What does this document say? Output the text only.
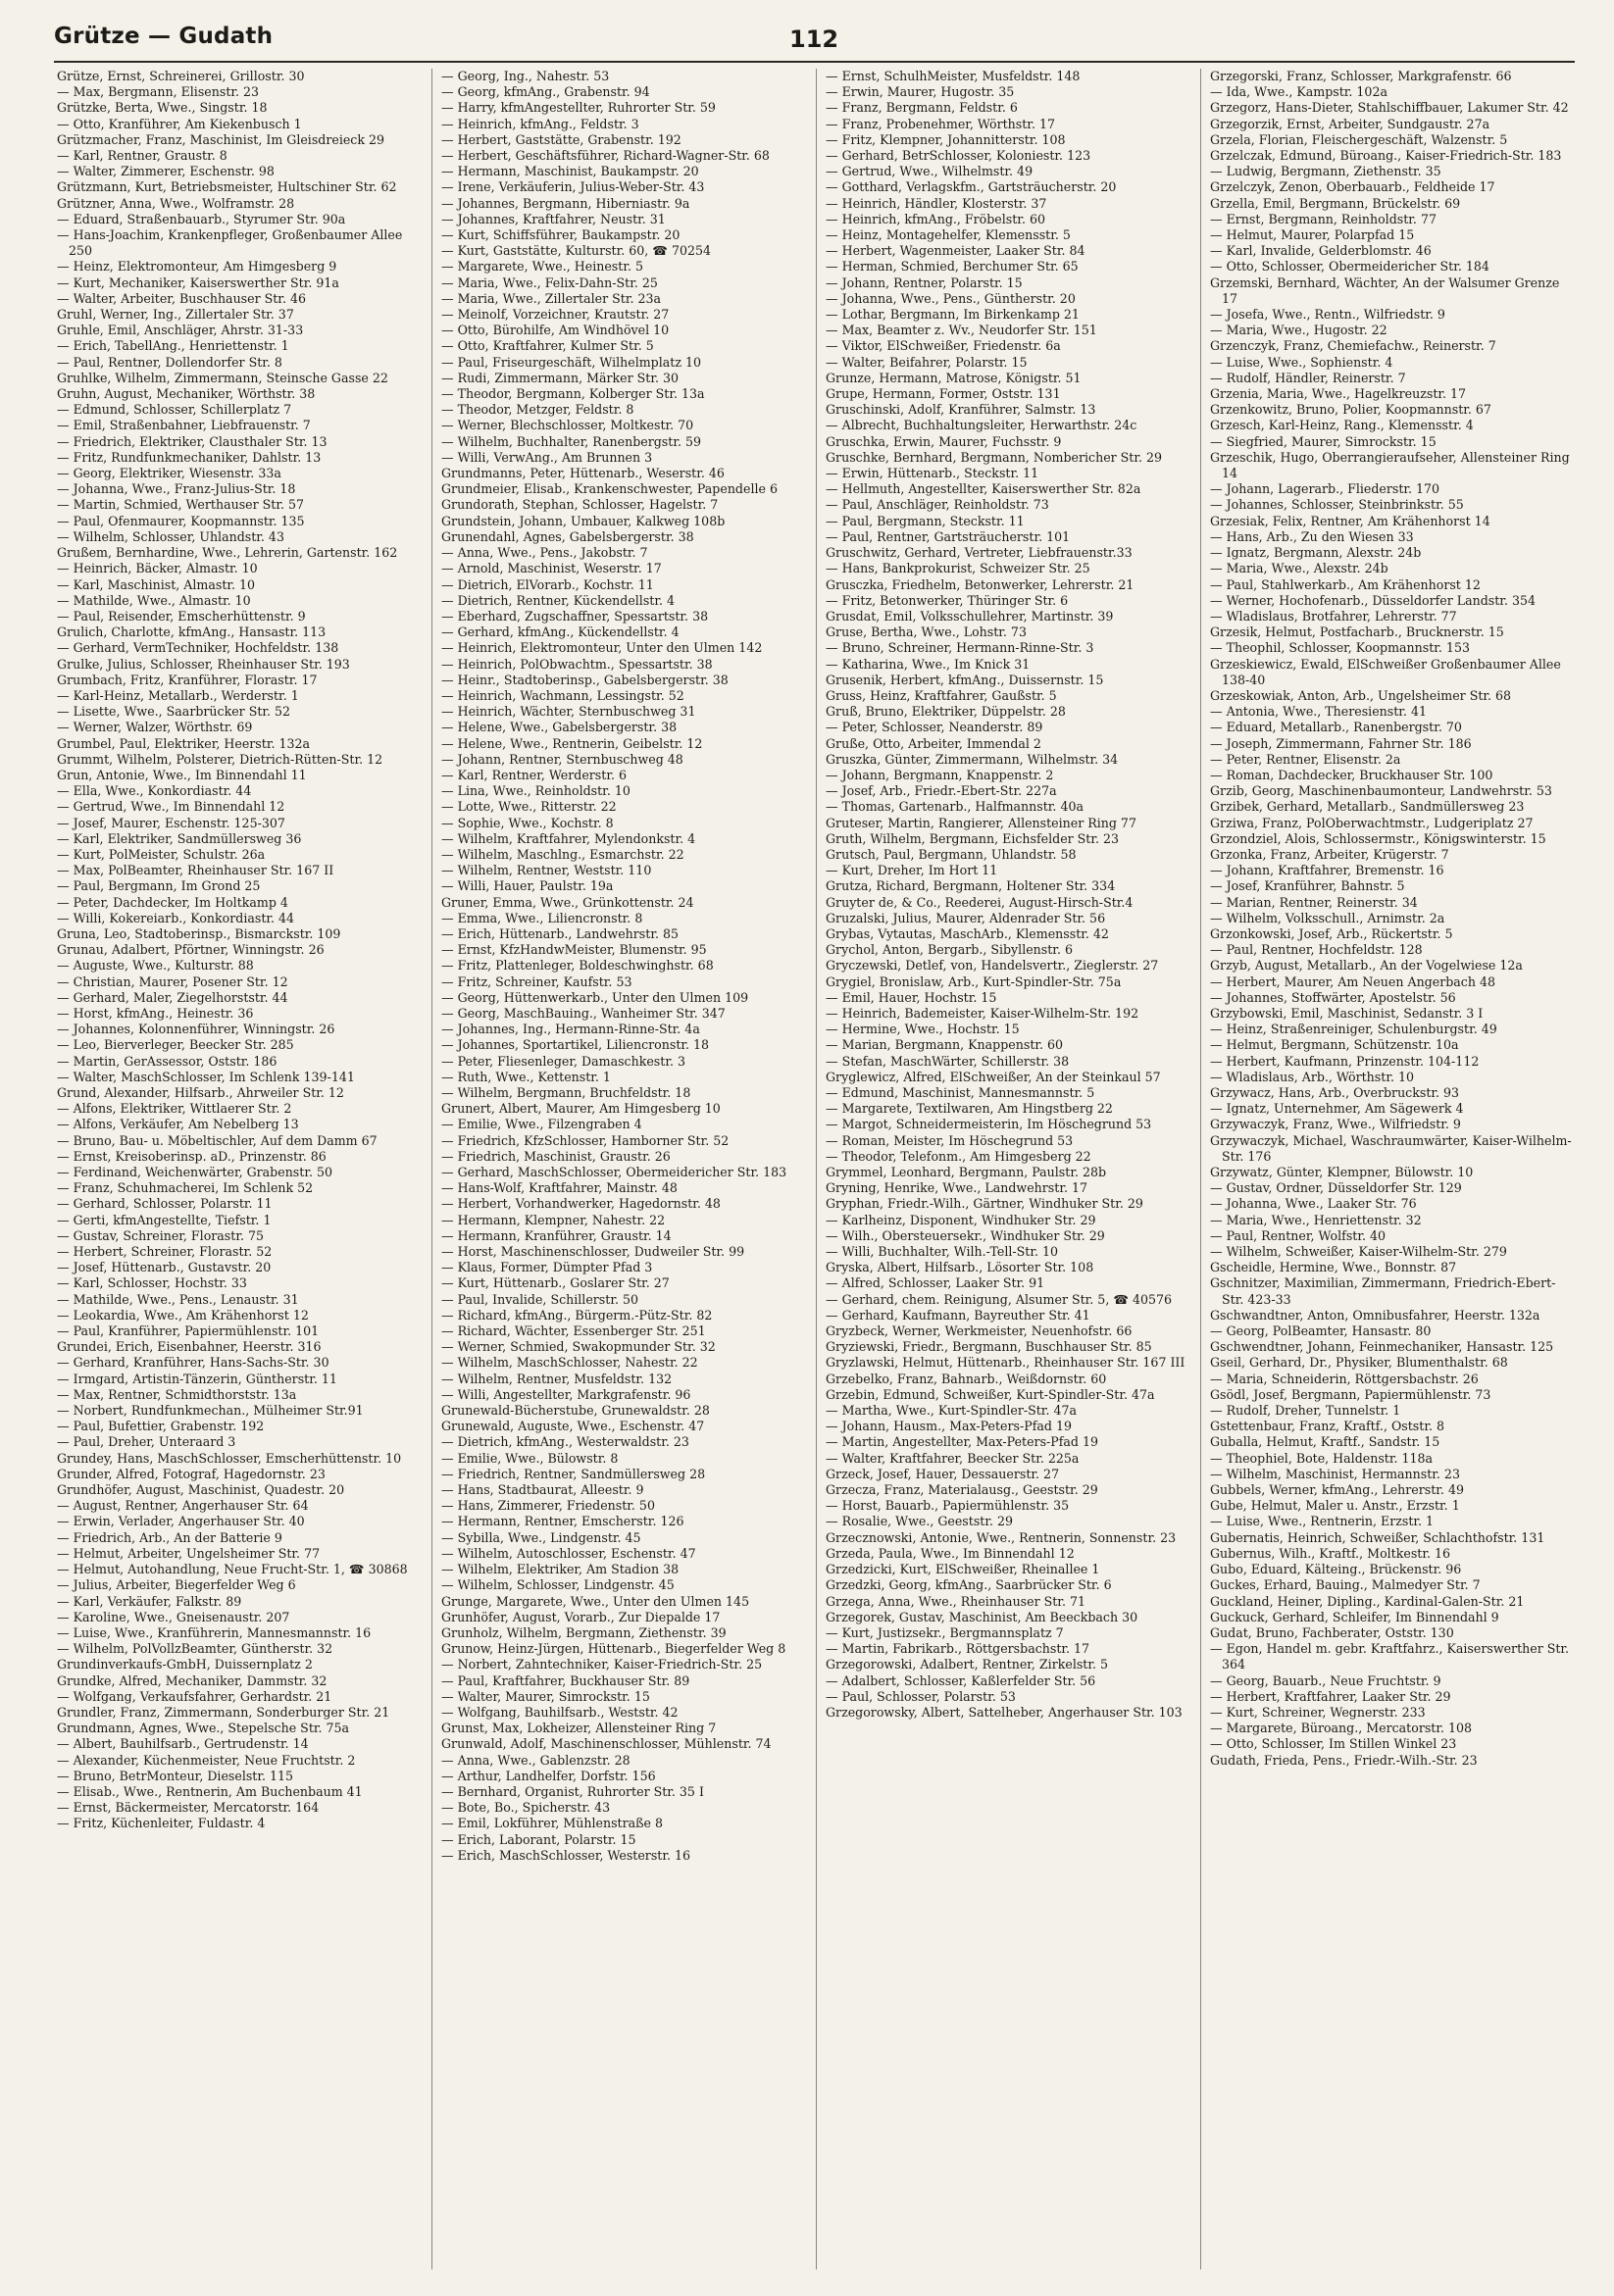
Grütze — Gudath	112
Grütze, Ernst, Schreinerei, Grillostr. 30
— Max, Bergmann, Elisenstr. 23
Grützke, Berta, Wwe., Singstr. 18
— Otto, Kranführer, Am Kiekenbusch 1
Grützmacher, Franz, Maschinist, Im Gleisdreieck 29
— Karl, Rentner, Graustr. 8
— Walter, Zimmerer, Eschenstr. 98
Grützmann, Kurt, Betriebsmeister, Hultschiner Str. 62
Grützner, Anna, Wwe., Wolframstr. 28
— Eduard, Straßenbauarb., Styrumer Str. 90a
— Hans-Joachim, Krankenpfleger, Großenbaumer Allee 250
— Heinz, Elektromonteur, Am Himgesberg 9
— Kurt, Mechaniker, Kaiserswerther Str. 91a
— Walter, Arbeiter, Buschhauser Str. 46
Gruhl, Werner, Ing., Zillertaler Str. 37
Gruhle, Emil, Anschläger, Ahrstr. 31-33
— Erich, TabellAng., Henriettenstr. 1
— Paul, Rentner, Dollendorfer Str. 8
Gruhlke, Wilhelm, Zimmermann, Steinsche Gasse 22
Gruhn, August, Mechaniker, Wörthstr. 38
— Edmund, Schlosser, Schillerplatz 7
— Emil, Straßenbahner, Liebfrauenstr. 7
— Friedrich, Elektriker, Clausthaler Str. 13
— Fritz, Rundfunkmechaniker, Dahlstr. 13
— Georg, Elektriker, Wiesenstr. 33a
— Johanna, Wwe., Franz-Julius-Str. 18
— Martin, Schmied, Werthauser Str. 57
— Paul, Ofenmaurer, Koopmannstr. 135
— Wilhelm, Schlosser, Uhlandstr. 43
Grußem, Bernhardine, Wwe., Lehrerin, Gartenstr. 162
— Heinrich, Bäcker, Almastr. 10
— Karl, Maschinist, Almastr. 10
— Mathilde, Wwe., Almastr. 10
— Paul, Reisender, Emscherhüttenstr. 9
Grulich, Charlotte, kfmAng., Hansastr. 113
— Gerhard, VermTechniker, Hochfeldstr. 138
Grulke, Julius, Schlosser, Rheinhauser Str. 193
Grumbach, Fritz, Kranführer, Florastr. 17
— Karl-Heinz, Metallarb., Werderstr. 1
— Lisette, Wwe., Saarbrücker Str. 52
— Werner, Walzer, Wörthstr. 69
Grumbel, Paul, Elektriker, Heerstr. 132a
Grummt, Wilhelm, Polsterer, Dietrich-Rütten-Str. 12
Grun, Antonie, Wwe., Im Binnendahl 11
— Ella, Wwe., Konkordiastr. 44
— Gertrud, Wwe., Im Binnendahl 12
— Josef, Maurer, Eschenstr. 125-307
— Karl, Elektriker, Sandmüllersweg 36
— Kurt, PolMeister, Schulstr. 26a
— Max, PolBeamter, Rheinhauser Str. 167 II
— Paul, Bergmann, Im Grond 25
— Peter, Dachdecker, Im Holtkamp 4
— Willi, Kokereiarb., Konkordiastr. 44
Gruna, Leo, Stadtoberinsp., Bismarckstr. 109
Grunau, Adalbert, Pförtner, Winningstr. 26
— Auguste, Wwe., Kulturstr. 88
— Christian, Maurer, Posener Str. 12
— Gerhard, Maler, Ziegelhorststr. 44
— Horst, kfmAng., Heinestr. 36
— Johannes, Kolonnenführer, Winningstr. 26
— Leo, Bierverleger, Beecker Str. 285
— Martin, GerAssessor, Oststr. 186
— Walter, MaschSchlosser, Im Schlenk 139-141
Grund, Alexander, Hilfsarb., Ahrweiler Str. 12
— Alfons, Elektriker, Wittlaerer Str. 2
— Alfons, Verkäufer, Am Nebelberg 13
— Bruno, Bau- u. Möbeltischler, Auf dem Damm 67
— Ernst, Kreisoberinsp. aD., Prinzenstr. 86
— Ferdinand, Weichenwärter, Grabenstr. 50
— Franz, Schuhmacherei, Im Schlenk 52
— Gerhard, Schlosser, Polarstr. 11
— Gerti, kfmAngestellte, Tiefstr. 1
— Gustav, Schreiner, Florastr. 75
— Herbert, Schreiner, Florastr. 52
— Josef, Hüttenarb., Gustavstr. 20
— Karl, Schlosser, Hochstr. 33
— Mathilde, Wwe., Pens., Lenaustr. 31
— Leokardia, Wwe., Am Krähenhorst 12
— Paul, Kranführer, Papiermühlenstr. 101
Grundei, Erich, Eisenbahner, Heerstr. 316
— Gerhard, Kranführer, Hans-Sachs-Str. 30
— Irmgard, Artistin-Tänzerin, Güntherstr. 11
— Max, Rentner, Schmidthorststr. 13a
— Norbert, Rundfunkmechan., Mülheimer Str.91
— Paul, Bufettier, Grabenstr. 192
— Paul, Dreher, Unteraard 3
Grundey, Hans, MaschSchlosser, Emscherhüttenstr. 10
Grunder, Alfred, Fotograf, Hagedornstr. 23
Grundhöfer, August, Maschinist, Quadestr. 20
— August, Rentner, Angerhauser Str. 64
— Erwin, Verlader, Angerhauser Str. 40
— Friedrich, Arb., An der Batterie 9
— Helmut, Arbeiter, Ungelsheimer Str. 77
— Helmut, Autohandlung, Neue Frucht-Str. 1, ☎ 30868
— Julius, Arbeiter, Biegerfelder Weg 6
— Karl, Verkäufer, Falkstr. 89
— Karoline, Wwe., Gneisenaustr. 207
— Luise, Wwe., Kranführerin, Mannesmannstr. 16
— Wilhelm, PolVollzBeamter, Güntherstr. 32
Grundinverkaufs-GmbH, Duissernplatz 2
Grundke, Alfred, Mechaniker, Dammstr. 32
— Wolfgang, Verkaufsfahrer, Gerhardstr. 21
Grundler, Franz, Zimmermann, Sonderburger Str. 21
Grundmann, Agnes, Wwe., Stepelsche Str. 75a
— Albert, Bauhilfsarb., Gertrudenstr. 14
— Alexander, Küchenmeister, Neue Fruchtstr. 2
— Bruno, BetrMonteur, Dieselstr. 115
— Elisab., Wwe., Rentnerin, Am Buchenbaum 41
— Ernst, Bäckermeister, Mercatorstr. 164
— Fritz, Küchenleiter, Fuldastr. 4
— Georg, Ing., Nahestr. 53
— Georg, kfmAng., Grabenstr. 94
— Harry, kfmAngestellter, Ruhrorter Str. 59
— Heinrich, kfmAng., Feldstr. 3
— Herbert, Gaststätte, Grabenstr. 192
— Herbert, Geschäftsführer, Richard-Wagner-Str. 68
— Hermann, Maschinist, Baukampstr. 20
— Irene, Verkäuferin, Julius-Weber-Str. 43
— Johannes, Bergmann, Hiberniastr. 9a
— Johannes, Kraftfahrer, Neustr. 31
— Kurt, Schiffsführer, Baukampstr. 20
— Kurt, Gaststätte, Kulturstr. 60, ☎ 70254
— Margarete, Wwe., Heinestr. 5
— Maria, Wwe., Felix-Dahn-Str. 25
— Maria, Wwe., Zillertaler Str. 23a
— Meinolf, Vorzeichner, Krautstr. 27
— Otto, Bürohilfe, Am Windhövel 10
— Otto, Kraftfahrer, Kulmer Str. 5
— Paul, Friseurgeschäft, Wilhelmplatz 10
— Rudi, Zimmermann, Märker Str. 30
— Theodor, Bergmann, Kolberger Str. 13a
— Theodor, Metzger, Feldstr. 8
— Werner, Blechschlosser, Moltkestr. 70
— Wilhelm, Buchhalter, Ranenbergstr. 59
— Willi, VerwAng., Am Brunnen 3
Grundmanns, Peter, Hüttenarb., Weserstr. 46
Grundmeier, Elisab., Krankenschwester, Papendelle 6
Grundorath, Stephan, Schlosser, Hagelstr. 7
Grundstein, Johann, Umbauer, Kalkweg 108b
Grunendahl, Agnes, Gabelsbergerstr. 38
— Anna, Wwe., Pens., Jakobstr. 7
— Arnold, Maschinist, Weserstr. 17
— Dietrich, ElVorarb., Kochstr. 11
— Dietrich, Rentner, Kückendellstr. 4
— Eberhard, Zugschaffner, Spessartstr. 38
— Gerhard, kfmAng., Kückendellstr. 4
— Heinrich, Elektromonteur, Unter den Ulmen 142
— Heinrich, PolObwachtm., Spessartstr. 38
— Heinr., Stadtoberinsp., Gabelsbergerstr. 38
— Heinrich, Wachmann, Lessingstr. 52
— Heinrich, Wächter, Sternbuschweg 31
— Helene, Wwe., Gabelsbergerstr. 38
— Helene, Wwe., Rentnerin, Geibelstr. 12
— Johann, Rentner, Sternbuschweg 48
— Karl, Rentner, Werderstr. 6
— Lina, Wwe., Reinholdstr. 10
— Lotte, Wwe., Ritterstr. 22
— Sophie, Wwe., Kochstr. 8
— Wilhelm, Kraftfahrer, Mylendonkstr. 4
— Wilhelm, Maschlng., Esmarchstr. 22
— Wilhelm, Rentner, Weststr. 110
— Willi, Hauer, Paulstr. 19a
Gruner, Emma, Wwe., Grünkottenstr. 24
— Emma, Wwe., Liliencronstr. 8
— Erich, Hüttenarb., Landwehrstr. 85
— Ernst, KfzHandwMeister, Blumenstr. 95
— Fritz, Plattenleger, Boldeschwinghstr. 68
— Fritz, Schreiner, Kaufstr. 53
— Georg, Hüttenwerkarb., Unter den Ulmen 109
— Georg, MaschBauing., Wanheimer Str. 347
— Johannes, Ing., Hermann-Rinne-Str. 4a
— Johannes, Sportartikel, Liliencronstr. 18
— Peter, Fliesenleger, Damaschkestr. 3
— Ruth, Wwe., Kettenstr. 1
— Wilhelm, Bergmann, Bruchfeldstr. 18
Grunert, Albert, Maurer, Am Himgesberg 10
— Emilie, Wwe., Filzengraben 4
— Friedrich, KfzSchlosser, Hamborner Str. 52
— Friedrich, Maschinist, Graustr. 26
— Gerhard, MaschSchlosser, Obermeidericher Str. 183
— Hans-Wolf, Kraftfahrer, Mainstr. 48
— Herbert, Vorhandwerker, Hagedornstr. 48
— Hermann, Klempner, Nahestr. 22
— Hermann, Kranführer, Graustr. 14
— Horst, Maschinenschlosser, Dudweiler Str. 99
— Klaus, Former, Dümpter Pfad 3
— Kurt, Hüttenarb., Goslarer Str. 27
— Paul, Invalide, Schillerstr. 50
— Richard, kfmAng., Bürgerm.-Pütz-Str. 82
— Richard, Wächter, Essenberger Str. 251
— Werner, Schmied, Swakopmunder Str. 32
— Wilhelm, MaschSchlosser, Nahestr. 22
— Wilhelm, Rentner, Musfeldstr. 132
— Willi, Angestellter, Markgrafenstr. 96
Grunewald-Bücherstube, Grunewaldstr. 28
Grunewald, Auguste, Wwe., Eschenstr. 47
— Dietrich, kfmAng., Westerwaldstr. 23
— Emilie, Wwe., Bülowstr. 8
— Friedrich, Rentner, Sandmüllersweg 28
— Hans, Stadtbaurat, Alleestr. 9
— Hans, Zimmerer, Friedenstr. 50
— Hermann, Rentner, Emscherstr. 126
— Sybilla, Wwe., Lindgenstr. 45
— Wilhelm, Autoschlosser, Eschenstr. 47
— Wilhelm, Elektriker, Am Stadion 38
— Wilhelm, Schlosser, Lindgenstr. 45
Grunge, Margarete, Wwe., Unter den Ulmen 145
Grunhöfer, August, Vorarb., Zur Diepalde 17
Grunholz, Wilhelm, Bergmann, Ziethenstr. 39
Grunow, Heinz-Jürgen, Hüttenarb., Biegerfelder Weg 8
— Norbert, Zahntechniker, Kaiser-Friedrich-Str. 25
— Paul, Kraftfahrer, Buckhauser Str. 89
— Walter, Maurer, Simrockstr. 15
— Wolfgang, Bauhilfsarb., Weststr. 42
Grunst, Max, Lokheizer, Allensteiner Ring 7
Grunwald, Adolf, Maschinenschlosser, Mühlenstr. 74
— Anna, Wwe., Gablenzstr. 28
— Arthur, Landhelfer, Dorfstr. 156
— Bernhard, Organist, Ruhrorter Str. 35 I
— Bote, Bo., Spicherstr. 43
— Emil, Lokführer, Mühlenstraße 8
— Erich, Laborant, Polarstr. 15
— Erich, MaschSchlosser, Westerstr. 16
— Ernst, SchulhMeister, Musfeldstr. 148
— Erwin, Maurer, Hugostr. 35
— Franz, Bergmann, Feldstr. 6
— Franz, Probenehmer, Wörthstr. 17
— Fritz, Klempner, Johannitterstr. 108
— Gerhard, BetrSchlosser, Koloniestr. 123
— Gertrud, Wwe., Wilhelmstr. 49
— Gotthard, Verlagskfm., Gartsträucherstr. 20
— Heinrich, Händler, Klosterstr. 37
— Heinrich, kfmAng., Fröbelstr. 60
— Heinz, Montagehelfer, Klemensstr. 5
— Herbert, Wagenmeister, Laaker Str. 84
— Herman, Schmied, Berchumer Str. 65
— Johann, Rentner, Polarstr. 15
— Johanna, Wwe., Pens., Güntherstr. 20
— Lothar, Bergmann, Im Birkenkamp 21
— Max, Beamter z. Wv., Neudorfer Str. 151
— Viktor, ElSchweißer, Friedenstr. 6a
— Walter, Beifahrer, Polarstr. 15
Grunze, Hermann, Matrose, Königstr. 51
Grupe, Hermann, Former, Oststr. 131
Gruschinski, Adolf, Kranführer, Salmstr. 13
— Albrecht, Buchhaltungsleiter, Herwarthstr. 24c
Gruschka, Erwin, Maurer, Fuchsstr. 9
Gruschke, Bernhard, Bergmann, Nombericher Str. 29
— Erwin, Hüttenarb., Steckstr. 11
— Hellmuth, Angestellter, Kaiserswerther Str. 82a
— Paul, Anschläger, Reinholdstr. 73
— Paul, Bergmann, Steckstr. 11
— Paul, Rentner, Gartsträucherstr. 101
Gruschwitz, Gerhard, Vertreter, Liebfrauenstr.33
— Hans, Bankprokurist, Schweizer Str. 25
Grusczka, Friedhelm, Betonwerker, Lehrerstr. 21
— Fritz, Betonwerker, Thüringer Str. 6
Grusdat, Emil, Volksschullehrer, Martinstr. 39
Gruse, Bertha, Wwe., Lohstr. 73
— Bruno, Schreiner, Hermann-Rinne-Str. 3
— Katharina, Wwe., Im Knick 31
Grusenik, Herbert, kfmAng., Duissernstr. 15
Gruss, Heinz, Kraftfahrer, Gaußstr. 5
Gruß, Bruno, Elektriker, Düppelstr. 28
— Peter, Schlosser, Neanderstr. 89
Gruße, Otto, Arbeiter, Immendal 2
Gruszka, Günter, Zimmermann, Wilhelmstr. 34
— Johann, Bergmann, Knappenstr. 2
— Josef, Arb., Friedr.-Ebert-Str. 227a
— Thomas, Gartenarb., Halfmannstr. 40a
Gruteser, Martin, Rangierer, Allensteiner Ring 77
Gruth, Wilhelm, Bergmann, Eichsfelder Str. 23
Grutsch, Paul, Bergmann, Uhlandstr. 58
— Kurt, Dreher, Im Hort 11
Grutza, Richard, Bergmann, Holtener Str. 334
Gruyter de, & Co., Reederei, August-Hirsch-Str.4
Gruzalski, Julius, Maurer, Aldenrader Str. 56
Grybas, Vytautas, MaschArb., Klemensstr. 42
Grychol, Anton, Bergarb., Sibyllenstr. 6
Gryczewski, Detlef, von, Handelsvertr., Zieglerstr. 27
Grygiel, Bronislaw, Arb., Kurt-Spindler-Str. 75a
— Emil, Hauer, Hochstr. 15
— Heinrich, Bademeister, Kaiser-Wilhelm-Str. 192
— Hermine, Wwe., Hochstr. 15
— Marian, Bergmann, Knappenstr. 60
— Stefan, MaschWärter, Schillerstr. 38
Gryglewicz, Alfred, ElSchweißer, An der Steinkaul 57
— Edmund, Maschinist, Mannesmannstr. 5
— Margarete, Textilwaren, Am Hingstberg 22
— Margot, Schneidermeisterin, Im Höschegrund 53
— Roman, Meister, Im Höschegrund 53
— Theodor, Telefonm., Am Himgesberg 22
Grymmel, Leonhard, Bergmann, Paulstr. 28b
Gryning, Henrike, Wwe., Landwehrstr. 17
Gryphan, Friedr.-Wilh., Gärtner, Windhuker Str. 29
— Karlheinz, Disponent, Windhuker Str. 29
— Wilh., Obersteuersekr., Windhuker Str. 29
— Willi, Buchhalter, Wilh.-Tell-Str. 10
Gryska, Albert, Hilfsarb., Lösorter Str. 108
— Alfred, Schlosser, Laaker Str. 91
— Gerhard, chem. Reinigung, Alsumer Str. 5, ☎ 40576
— Gerhard, Kaufmann, Bayreuther Str. 41
Gryzbeck, Werner, Werkmeister, Neuenhofstr. 66
Gryziewski, Friedr., Bergmann, Buschhauser Str. 85
Gryzlawski, Helmut, Hüttenarb., Rheinhauser Str. 167 III
Grzebelko, Franz, Bahnarb., Weißdornstr. 60
Grzebin, Edmund, Schweißer, Kurt-Spindler-Str. 47a
— Martha, Wwe., Kurt-Spindler-Str. 47a
— Johann, Hausm., Max-Peters-Pfad 19
— Martin, Angestellter, Max-Peters-Pfad 19
— Walter, Kraftfahrer, Beecker Str. 225a
Grzeck, Josef, Hauer, Dessauerstr. 27
Grzecza, Franz, Materialausg., Geeststr. 29
— Horst, Bauarb., Papiermühlenstr. 35
— Rosalie, Wwe., Geeststr. 29
Grzecznowski, Antonie, Wwe., Rentnerin, Sonnenstr. 23
Grzeda, Paula, Wwe., Im Binnendahl 12
Grzedzicki, Kurt, ElSchweißer, Rheinallee 1
Grzedzki, Georg, kfmAng., Saarbrücker Str. 6
Grzega, Anna, Wwe., Rheinhauser Str. 71
Grzegorek, Gustav, Maschinist, Am Beeckbach 30
— Kurt, Justizsekr., Bergmannsplatz 7
— Martin, Fabrikarb., Röttgersbachstr. 17
Grzegorowski, Adalbert, Rentner, Zirkelstr. 5
— Adalbert, Schlosser, Kaßlerfelder Str. 56
— Paul, Schlosser, Polarstr. 53
Grzegorowsky, Albert, Sattelheber, Angerhauser Str. 103
Grzegorski, Franz, Schlosser, Markgrafenstr. 66
— Ida, Wwe., Kampstr. 102a
Grzegorz, Hans-Dieter, Stahlschiffbauer, Lakumer Str. 42
Grzegorzik, Ernst, Arbeiter, Sundgaustr. 27a
Grzela, Florian, Fleischergeschäft, Walzenstr. 5
Grzelczak, Edmund, Büroang., Kaiser-Friedrich-Str. 183
— Ludwig, Bergmann, Ziethenstr. 35
Grzelczyk, Zenon, Oberbauarb., Feldheide 17
Grzella, Emil, Bergmann, Brückelstr. 69
— Ernst, Bergmann, Reinholdstr. 77
— Helmut, Maurer, Polarpfad 15
— Karl, Invalide, Gelderblomstr. 46
— Otto, Schlosser, Obermeidericher Str. 184
Grzemski, Bernhard, Wächter, An der Walsumer Grenze 17
— Josefa, Wwe., Rentn., Wilfriedstr. 9
— Maria, Wwe., Hugostr. 22
Grzenczyk, Franz, Chemiefachw., Reinerstr. 7
— Luise, Wwe., Sophienstr. 4
— Rudolf, Händler, Reinerstr. 7
Grzenia, Maria, Wwe., Hagelkreuzstr. 17
Grzenkowitz, Bruno, Polier, Koopmannstr. 67
Grzesch, Karl-Heinz, Rang., Klemensstr. 4
— Siegfried, Maurer, Simrockstr. 15
Grzeschik, Hugo, Oberrangieraufseher, Allensteiner Ring 14
— Johann, Lagerarb., Fliederstr. 170
— Johannes, Schlosser, Steinbrinkstr. 55
Grzesiak, Felix, Rentner, Am Krähenhorst 14
— Hans, Arb., Zu den Wiesen 33
— Ignatz, Bergmann, Alexstr. 24b
— Maria, Wwe., Alexstr. 24b
— Paul, Stahlwerkarb., Am Krähenhorst 12
— Werner, Hochofenarb., Düsseldorfer Landstr. 354
— Wladislaus, Brotfahrer, Lehrerstr. 77
Grzesik, Helmut, Postfacharb., Brucknerstr. 15
— Theophil, Schlosser, Koopmannstr. 153
Grzeskiewicz, Ewald, ElSchweißer Großenbaumer Allee 138-40
Grzeskowiak, Anton, Arb., Ungelsheimer Str. 68
— Antonia, Wwe., Theresienstr. 41
— Eduard, Metallarb., Ranenbergstr. 70
— Joseph, Zimmermann, Fahrner Str. 186
— Peter, Rentner, Elisenstr. 2a
— Roman, Dachdecker, Bruckhauser Str. 100
Grzib, Georg, Maschinenbaumonteur, Landwehrstr. 53
Grzibek, Gerhard, Metallarb., Sandmüllersweg 23
Grziwa, Franz, PolOberwachtmstr., Ludgeriplatz 27
Grzondziel, Alois, Schlossermstr., Königswinterstr. 15
Grzonka, Franz, Arbeiter, Krügerstr. 7
— Johann, Kraftfahrer, Bremenstr. 16
— Josef, Kranführer, Bahnstr. 5
— Marian, Rentner, Reinerstr. 34
— Wilhelm, Volksschull., Arnimstr. 2a
Grzonkowski, Josef, Arb., Rückertstr. 5
— Paul, Rentner, Hochfeldstr. 128
Grzyb, August, Metallarb., An der Vogelwiese 12a
— Herbert, Maurer, Am Neuen Angerbach 48
— Johannes, Stoffwärter, Apostelstr. 56
Grzybowski, Emil, Maschinist, Sedanstr. 3 I
— Heinz, Straßenreiniger, Schulenburgstr. 49
— Helmut, Bergmann, Schützenstr. 10a
— Herbert, Kaufmann, Prinzenstr. 104-112
— Wladislaus, Arb., Wörthstr. 10
Grzywacz, Hans, Arb., Overbruckstr. 93
— Ignatz, Unternehmer, Am Sägewerk 4
Grzywaczyk, Franz, Wwe., Wilfriedstr. 9
Grzywaczyk, Michael, Waschraumwärter, Kaiser-Wilhelm-Str. 176
Grzywatz, Günter, Klempner, Bülowstr. 10
— Gustav, Ordner, Düsseldorfer Str. 129
— Johanna, Wwe., Laaker Str. 76
— Maria, Wwe., Henriettenstr. 32
— Paul, Rentner, Wolfstr. 40
— Wilhelm, Schweißer, Kaiser-Wilhelm-Str. 279
Gscheidle, Hermine, Wwe., Bonnstr. 87
Gschnitzer, Maximilian, Zimmermann, Friedrich-Ebert-Str. 423-33
Gschwandtner, Anton, Omnibusfahrer, Heerstr. 132a
— Georg, PolBeamter, Hansastr. 80
Gschwendtner, Johann, Feinmechaniker, Hansastr. 125
Gseil, Gerhard, Dr., Physiker, Blumenthalstr. 68
— Maria, Schneiderin, Röttgersbachstr. 26
Gsödl, Josef, Bergmann, Papiermühlenstr. 73
— Rudolf, Dreher, Tunnelstr. 1
Gstettenbaur, Franz, Kraftf., Oststr. 8
Guballa, Helmut, Kraftf., Sandstr. 15
— Theophiel, Bote, Haldenstr. 118a
— Wilhelm, Maschinist, Hermannstr. 23
Gubbels, Werner, kfmAng., Lehrerstr. 49
Gube, Helmut, Maler u. Anstr., Erzstr. 1
— Luise, Wwe., Rentnerin, Erzstr. 1
Gubernatis, Heinrich, Schweißer, Schlachthofstr. 131
Gubernus, Wilh., Kraftf., Moltkestr. 16
Gubo, Eduard, Kälteing., Brückenstr. 96
Guckes, Erhard, Bauing., Malmedyer Str. 7
Guckland, Heiner, Dipling., Kardinal-Galen-Str. 21
Guckuck, Gerhard, Schleifer, Im Binnendahl 9
Gudat, Bruno, Fachberater, Oststr. 130
— Egon, Handel m. gebr. Kraftfahrz., Kaiserswerther Str. 364
— Georg, Bauarb., Neue Fruchtstr. 9
— Herbert, Kraftfahrer, Laaker Str. 29
— Kurt, Schreiner, Wegnerstr. 233
— Margarete, Büroang., Mercatorstr. 108
— Otto, Schlosser, Im Stillen Winkel 23
Gudath, Frieda, Pens., Friedr.-Wilh.-Str. 23
